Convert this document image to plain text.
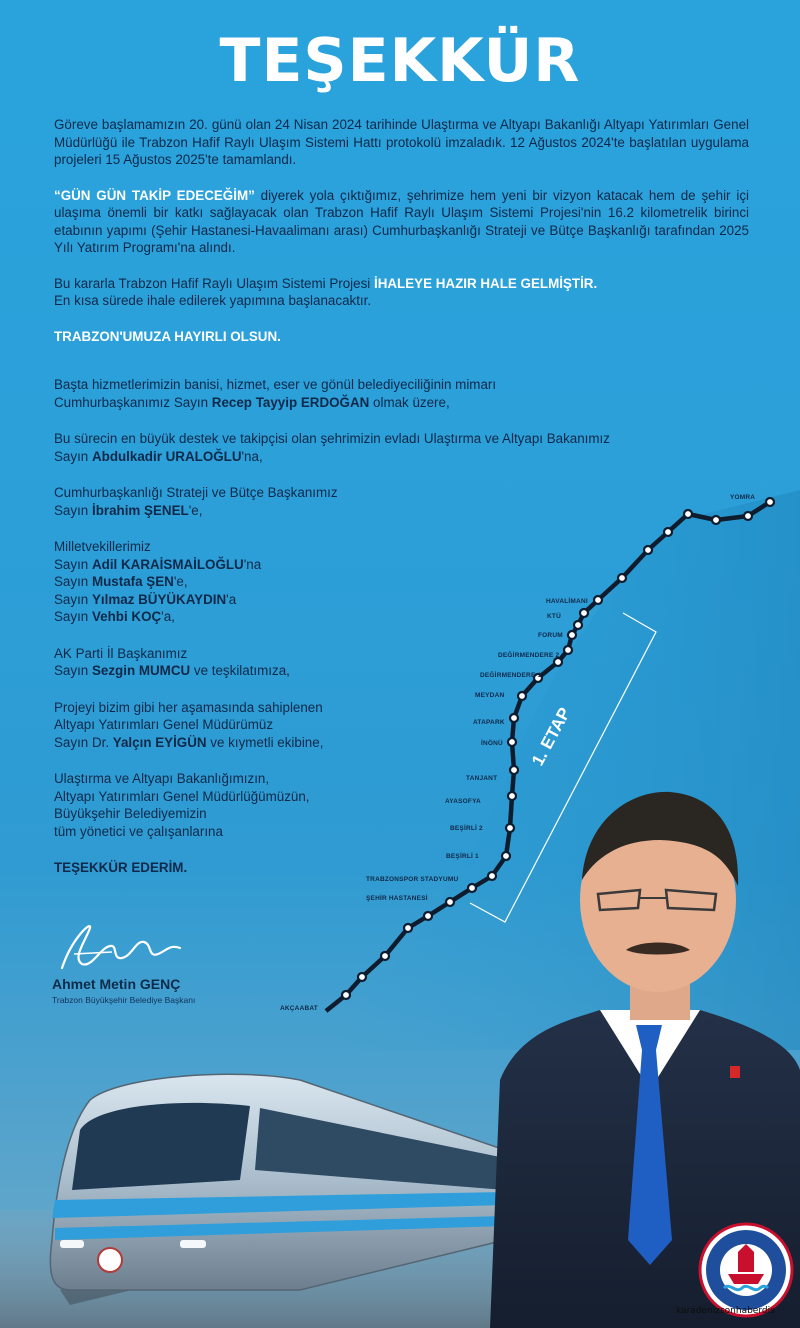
TEŞEKKÜR

Göreve başlamamızın 20. günü olan 24 Nisan 2024 tarihinde Ulaştırma ve Altyapı Bakanlığı Altyapı Yatırımları Genel Müdürlüğü ile Trabzon Hafif Raylı Ulaşım Sistemi Hattı protokolü imzaladık. 12 Ağustos 2024'te başlatılan uygulama projeleri 15 Ağustos 2025'te tamamlandı.

“GÜN GÜN TAKİP EDECEĞİM” diyerek yola çıktığımız, şehrimize hem yeni bir vizyon katacak hem de şehir içi ulaşıma önemli bir katkı sağlayacak olan Trabzon Hafif Raylı Ulaşım Sistemi Projesi'nin 16.2 kilometrelik birinci etabının yapımı (Şehir Hastanesi-Havaalimanı arası) Cumhurbaşkanlığı Strateji ve Bütçe Başkanlığı tarafından 2025 Yılı Yatırım Programı'na alındı.

Bu kararla Trabzon Hafif Raylı Ulaşım Sistemi Projesi İHALEYE HAZIR HALE GELMİŞTİR.
En kısa sürede ihale edilerek yapımına başlanacaktır.

TRABZON'UMUZA HAYIRLI OLSUN.

Başta hizmetlerimizin banisi, hizmet, eser ve gönül belediyeciliğinin mimarı
Cumhurbaşkanımız Sayın Recep Tayyip ERDOĞAN olmak üzere,
Bu sürecin en büyük destek ve takipçisi olan şehrimizin evladı Ulaştırma ve Altyapı Bakanımız
Sayın Abdulkadir URALOĞLU'na,
Cumhurbaşkanlığı Strateji ve Bütçe Başkanımız
Sayın İbrahim ŞENEL'e,
Milletvekillerimiz
Sayın Adil KARAİSMAİLOĞLU'na
Sayın Mustafa ŞEN'e,
Sayın Yılmaz BÜYÜKAYDIN'a
Sayın Vehbi KOÇ'a,
AK Parti İl Başkanımız
Sayın Sezgin MUMCU ve teşkilatımıza,
Projeyi bizim gibi her aşamasında sahiplenen
Altyapı Yatırımları Genel Müdürümüz
Sayın Dr. Yalçın EYİGÜN ve kıymetli ekibine,
Ulaştırma ve Altyapı Bakanlığımızın,
Altyapı Yatırımları Genel Müdürlüğümüzün,
Büyükşehir Belediyemizin
tüm yönetici ve çalışanlarına
TEŞEKKÜR EDERİM.
Ahmet Metin GENÇ
Trabzon Büyükşehir Belediye Başkanı
YOMRA
HAVALİMANI
KTÜ
FORUM
DEĞİRMENDERE 2
DEĞİRMENDERE 1
MEYDAN
ATAPARK
İNÖNÜ
TANJANT
AYASOFYA
BEŞİRLİ 2
BEŞİRLİ 1
TRABZONSPOR STADYUMU
ŞEHİR HASTANESİ
AKÇAABAT
1. ETAP
karadenizsonhaberdis
